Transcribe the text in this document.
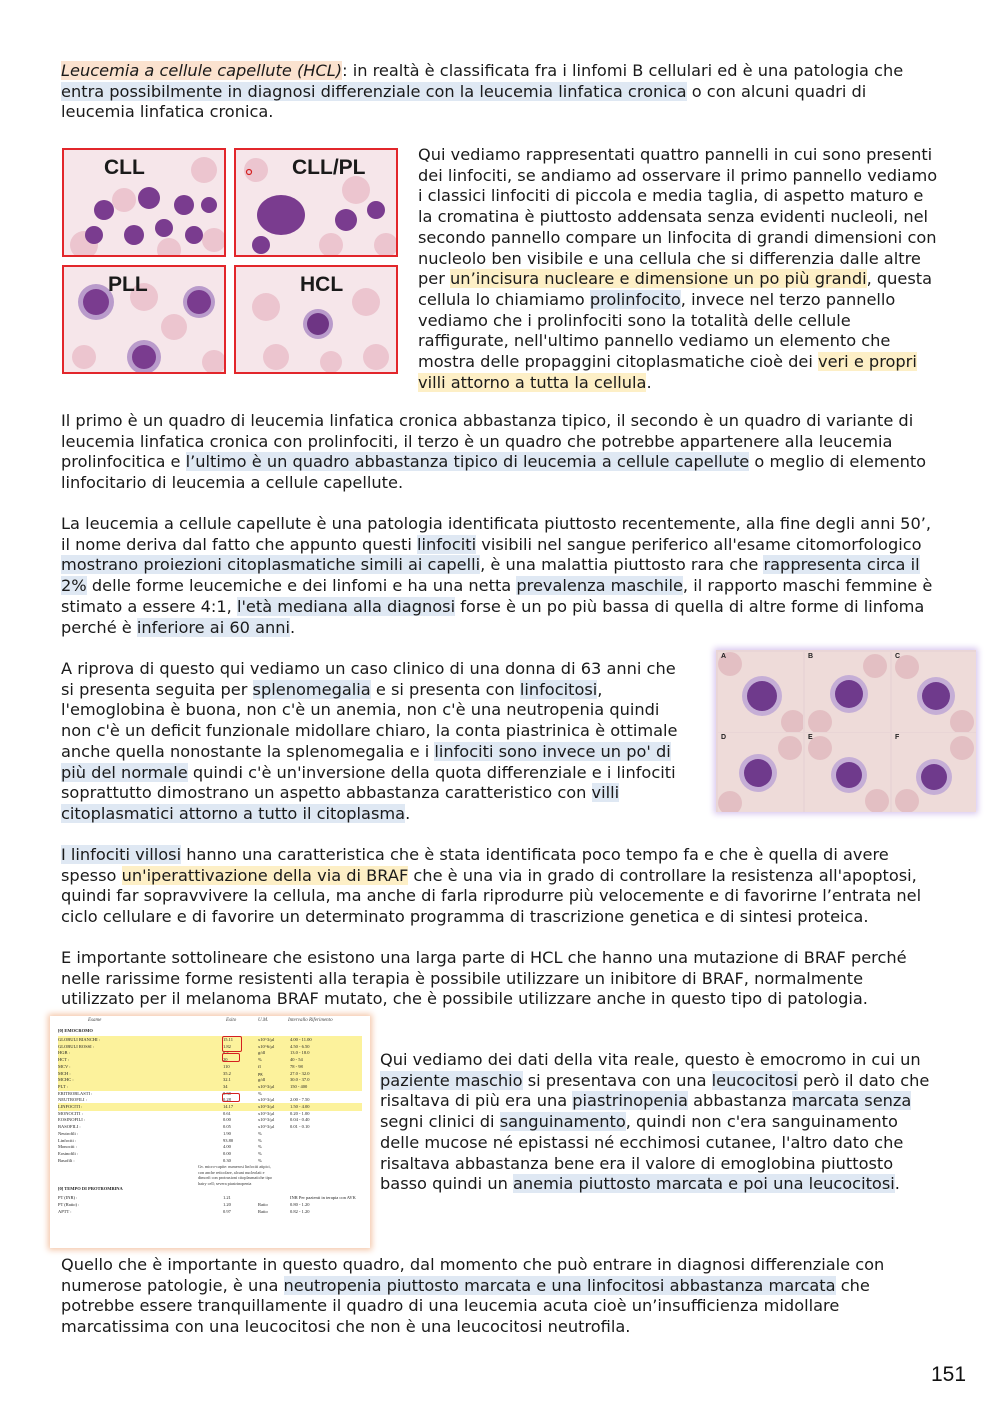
Leucemia a cellule capellute (HCL): in realtà è classificata fra i linfomi B cellulari ed è una patologia che entra possibilmente in diagnosi differenziale con la leucemia linfatica cronica o con alcuni quadri di leucemia linfatica cronica.

CLL	CLL/PL
PLL	HCL

Qui vediamo rappresentati quattro pannelli in cui sono presenti dei linfociti, se andiamo ad osservare il primo pannello vediamo i classici linfociti di piccola e media taglia, di aspetto maturo e la cromatina è piuttosto addensata senza evidenti nucleoli, nel secondo pannello compare un linfocita di grandi dimensioni con nucleolo ben visibile e una cellula che si differenzia dalle altre per un’incisura nucleare e dimensione un po più grandi, questa cellula lo chiamiamo prolinfocito, invece nel terzo pannello vediamo che i prolinfociti sono la totalità delle cellule raffigurate, nell'ultimo pannello vediamo un elemento che mostra delle propaggini citoplasmatiche cioè dei veri e propri villi attorno a tutta la cellula.

Il primo è un quadro di leucemia linfatica cronica abbastanza tipico, il secondo è un quadro di variante di leucemia linfatica cronica con prolinfociti, il terzo è un quadro che potrebbe appartenere alla leucemia prolinfocitica e l’ultimo è un quadro abbastanza tipico di leucemia a cellule capellute o meglio di elemento linfocitario di leucemia a cellule capellute.

La leucemia a cellule capellute è una patologia identificata piuttosto recentemente, alla fine degli anni 50’, il nome deriva dal fatto che appunto questi linfociti visibili nel sangue periferico all'esame citomorfologico mostrano proiezioni citoplasmatiche simili ai capelli, è una malattia piuttosto rara che rappresenta circa il 2% delle forme leucemiche e dei linfomi e ha una netta prevalenza maschile, il rapporto maschi femmine è stimato a essere 4:1, l'età mediana alla diagnosi forse è un po più bassa di quella di altre forme di linfoma perché è inferiore ai 60 anni.

A riprova di questo qui vediamo un caso clinico di una donna di 63 anni che si presenta seguita per splenomegalia e si presenta con linfocitosi, l'emoglobina è buona, non c'è un anemia, non c'è una neutropenia quindi non c'è un deficit funzionale midollare chiaro, la conta piastrinica è ottimale anche quella nonostante la splenomegalia e i linfociti sono invece un po' di più del normale quindi c'è un'inversione della quota differenziale e i linfociti soprattutto dimostrano un aspetto abbastanza caratteristico con villi citoplasmatici attorno a tutto il citoplasma.

A	B	C
D	E	F

I linfociti villosi hanno una caratteristica che è stata identificata poco tempo fa e che è quella di avere spesso un'iperattivazione della via di BRAF che è una via in grado di controllare la resistenza all'apoptosi, quindi far sopravvivere la cellula, ma anche di farla riprodurre più velocemente e di favorirne l’entrata nel ciclo cellulare e di favorire un determinato programma di trascrizione genetica e di sintesi proteica.

E importante sottolineare che esistono una larga parte di HCL che hanno una mutazione di BRAF perché nelle rarissime forme resistenti alla terapia è possibile utilizzare un inibitore di BRAF, normalmente utilizzato per il melanoma BRAF mutato, che è possibile utilizzare anche in questo tipo di patologia.

Esame	Esito	U.M.	Intervallo Riferimento
[0] EMOCROMO
GLOBULI BIANCHI :	15.11	x10^3/µl	4.00 - 11.00
GLOBULI ROSSI :	1.82	x10^6/µl	4.50 - 6.50
HGB :	6.4	g/dl	13.0 - 18.0
HCT :	20	%	40 - 54
MCV :	110	fl	78 - 98
MCH :	35.2	pg	27.0 - 32.0
MCHC :	32.1	g/dl	30.0 - 37.0
PLT :	34	x10^3/µl	150 - 400
ERITROBLASTI :	0.30	%
NEUTROFILI :	0.28	x10^3/µl	2.00 - 7.50
LINFOCITI :	14.17	x10^3/µl	1.50 - 4.00
MONOCITI :	0.61	x10^3/µl	0.20 - 1.00
EOSINOFILI :	0.00	x10^3/µl	0.04 - 0.40
BASOFILI :	0.05	x10^3/µl	0.01 - 0.10
Neutrofili :	1.90	%
Linfociti :	93.80	%
Monociti :	4.00	%
Eosinofili :	0.00	%
Basofili :	0.30	%
Gv. micro-capite: numerosi linfociti atipici, con anche reticolare, alcuni nucleolati e dimorfi con protrusioni citoplasmatiche tipo hairy cell; severa piastrinopenia
[0] TEMPO DI PROTROMBINA
PT (INR) :	1.21	INR Per pazienti in terapia con AVK
PT (Ratio) :	1.20	Ratio	0.80 - 1.20
APTT :	0.97	Ratio	0.82 - 1.20

Qui vediamo dei dati della vita reale, questo è emocromo in cui un paziente maschio si presentava con una leucocitosi però il dato che risaltava di più era una piastrinopenia abbastanza marcata senza segni clinici di sanguinamento, quindi non c'era sanguinamento delle mucose né epistassi né ecchimosi cutanee, l'altro dato che risaltava abbastanza bene era il valore di emoglobina piuttosto basso quindi un anemia piuttosto marcata e poi una leucocitosi.

Quello che è importante in questo quadro, dal momento che può entrare in diagnosi differenziale con numerose patologie, è una neutropenia piuttosto marcata e una linfocitosi abbastanza marcata che potrebbe essere tranquillamente il quadro di una leucemia acuta cioè un’insufficienza midollare marcatissima con una leucocitosi che non è una leucocitosi neutrofila.

151
